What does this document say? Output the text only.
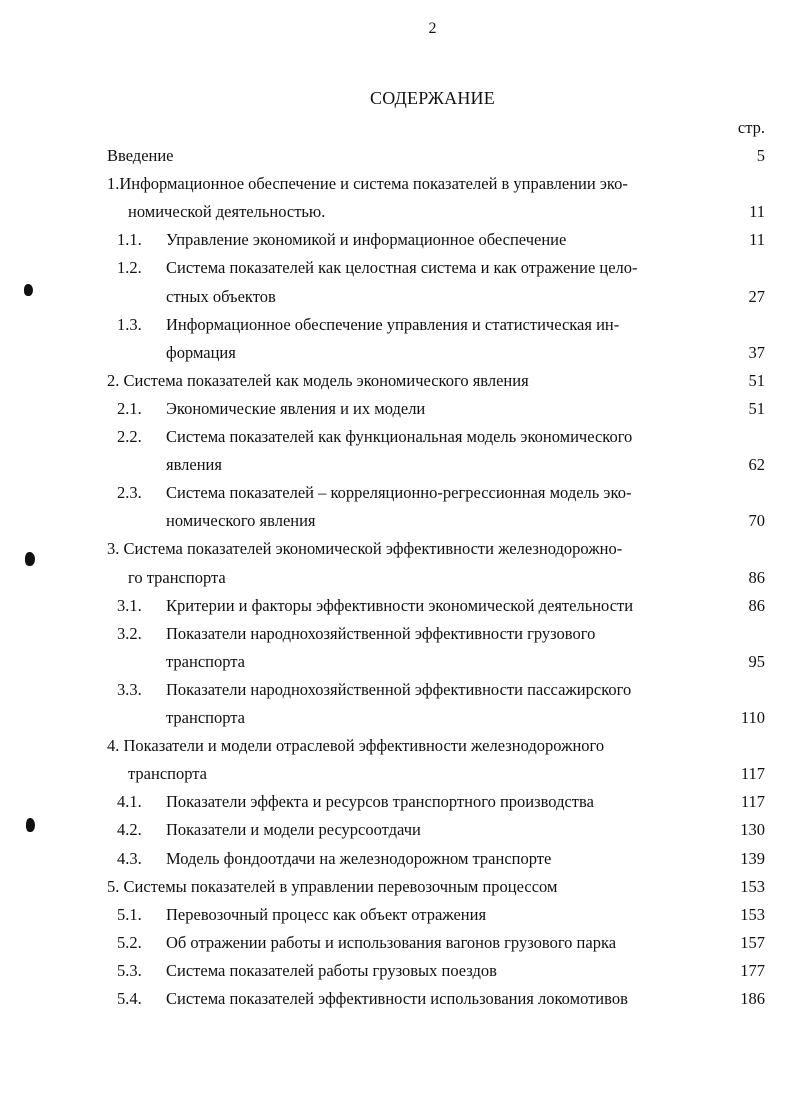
2
СОДЕРЖАНИЕ
стр.
Введение	5
1.Информационное обеспечение и система показателей в управлении эко-
номической деятельностью.	11
1.1. Управление экономикой и информационное обеспечение	11
1.2. Система показателей как целостная система и как отражение цело-
стных объектов	27
1.3. Информационное обеспечение управления и статистическая ин-
формация	37
2. Система показателей как модель экономического явления	51
2.1. Экономические явления и их модели	51
2.2. Система показателей как функциональная модель экономического
явления	62
2.3. Система показателей – корреляционно-регрессионная модель эко-
номического явления	70
3. Система показателей экономической эффективности железнодорожно-
го транспорта	86
3.1. Критерии и факторы эффективности экономической деятельности	86
3.2. Показатели народнохозяйственной эффективности грузового
транспорта	95
3.3. Показатели народнохозяйственной эффективности пассажирского
транспорта	110
4. Показатели и модели отраслевой эффективности железнодорожного
транспорта	117
4.1. Показатели эффекта и ресурсов транспортного производства	117
4.2. Показатели и модели ресурсоотдачи	130
4.3. Модель фондоотдачи на железнодорожном транспорте	139
5. Системы показателей в управлении перевозочным процессом	153
5.1. Перевозочный процесс как объект отражения	153
5.2. Об отражении работы и использования вагонов грузового парка	157
5.3. Система показателей работы грузовых поездов	177
5.4. Система показателей эффективности использования локомотивов	186
